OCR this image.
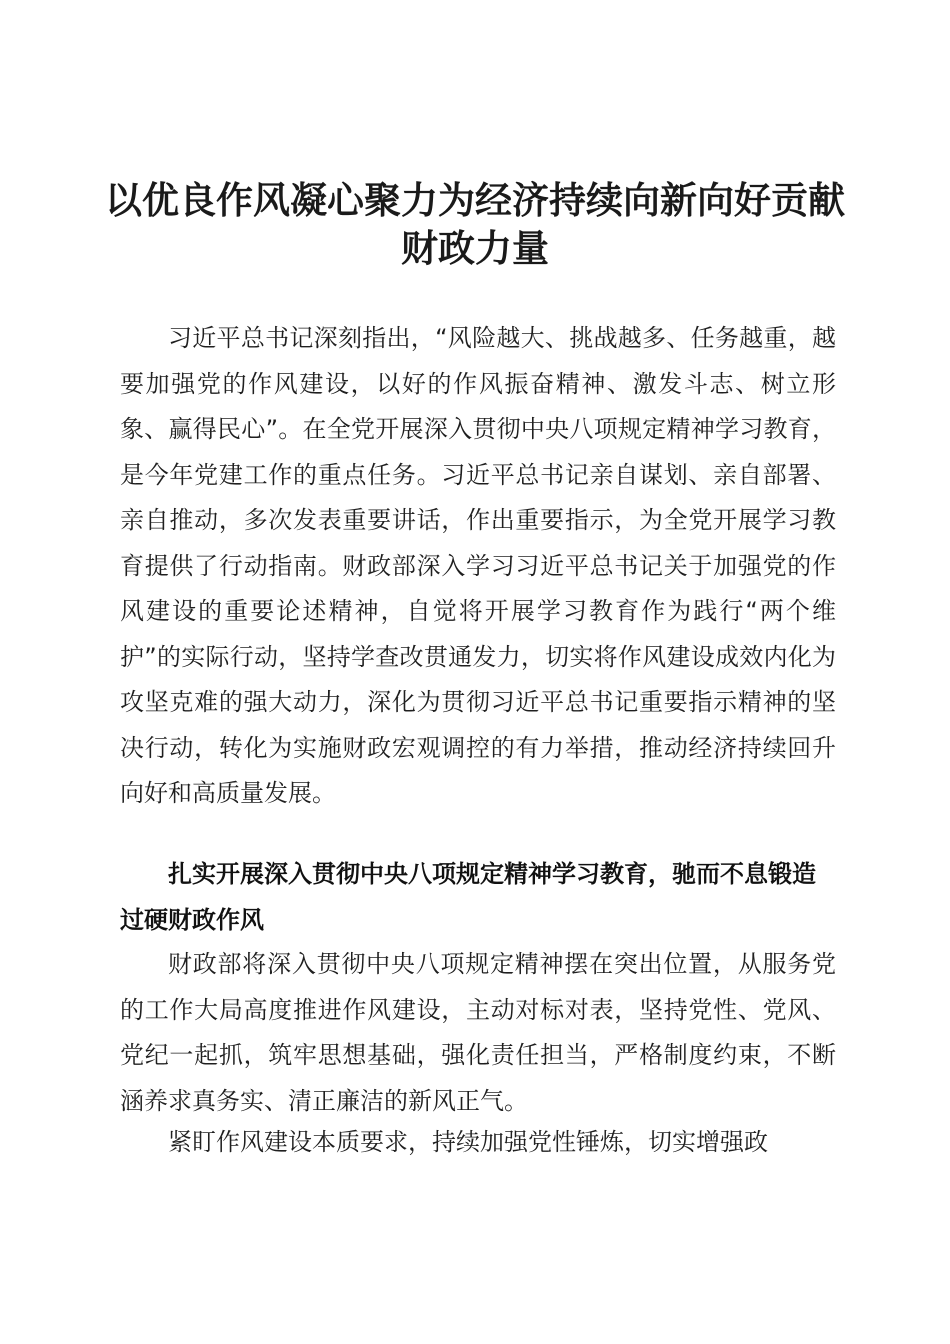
以优良作风凝心聚力为经济持续向新向好贡献
财政力量

习近平总书记深刻指出，“风险越大、挑战越多、任务越重，越要加强党的作风建设，以好的作风振奋精神、激发斗志、树立形象、赢得民心”。在全党开展深入贯彻中央八项规定精神学习教育，是今年党建工作的重点任务。习近平总书记亲自谋划、亲自部署、亲自推动，多次发表重要讲话，作出重要指示，为全党开展学习教育提供了行动指南。财政部深入学习习近平总书记关于加强党的作风建设的重要论述精神，自觉将开展学习教育作为践行“两个维护”的实际行动，坚持学查改贯通发力，切实将作风建设成效内化为攻坚克难的强大动力，深化为贯彻习近平总书记重要指示精神的坚决行动，转化为实施财政宏观调控的有力举措，推动经济持续回升向好和高质量发展。

扎实开展深入贯彻中央八项规定精神学习教育，驰而不息锻造过硬财政作风

财政部将深入贯彻中央八项规定精神摆在突出位置，从服务党的工作大局高度推进作风建设，主动对标对表，坚持党性、党风、党纪一起抓，筑牢思想基础，强化责任担当，严格制度约束，不断涵养求真务实、清正廉洁的新风正气。

紧盯作风建设本质要求，持续加强党性锤炼，切实增强政
